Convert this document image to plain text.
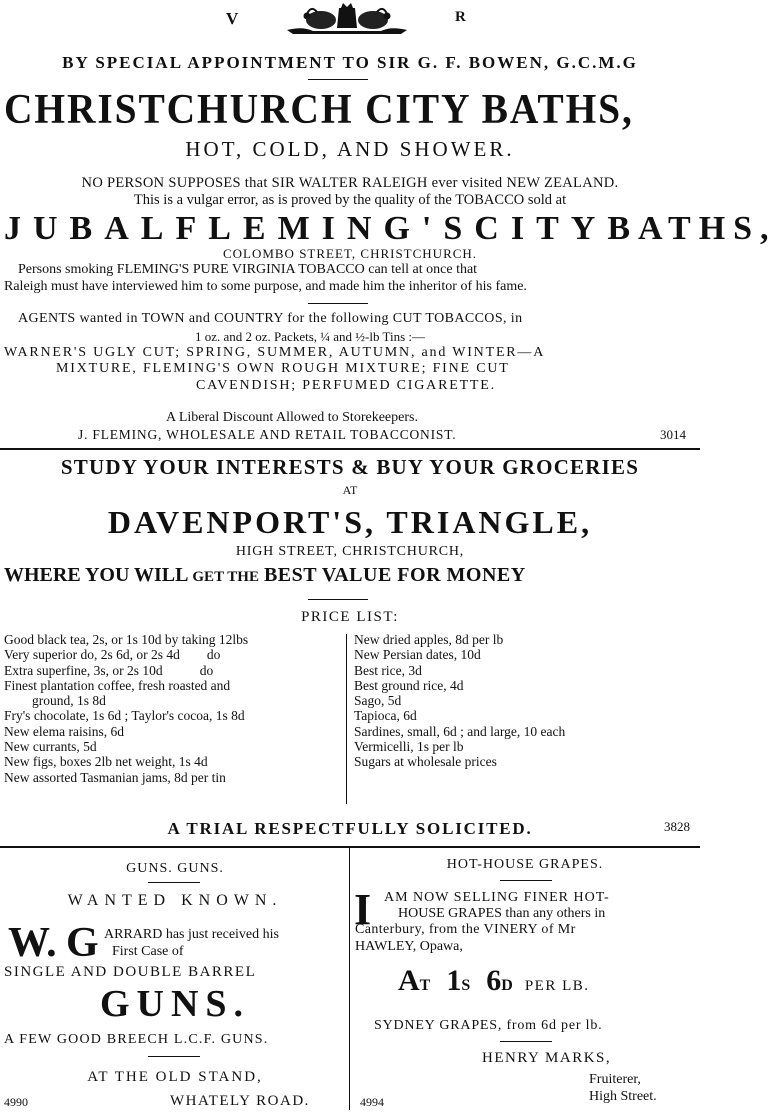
V	R
BY SPECIAL APPOINTMENT TO SIR G. F. BOWEN, G.C.M.G
CHRISTCHURCH CITY BATHS,
HOT, COLD, AND SHOWER.
NO PERSON SUPPOSES that SIR WALTER RALEIGH ever visited NEW ZEALAND.
This is a vulgar error, as is proved by the quality of the TOBACCO sold at
JUBAL FLEMING'S CITY BATHS,
COLOMBO STREET, CHRISTCHURCH.
Persons smoking FLEMING'S PURE VIRGINIA TOBACCO can tell at once that
Raleigh must have interviewed him to some purpose, and made him the inheritor of his fame.
AGENTS wanted in TOWN and COUNTRY for the following CUT TOBACCOS, in
1 oz. and 2 oz. Packets, ¼ and ½-lb Tins :—
WARNER'S UGLY CUT; SPRING, SUMMER, AUTUMN, and WINTER—A
MIXTURE, FLEMING'S OWN ROUGH MIXTURE; FINE CUT
CAVENDISH; PERFUMED CIGARETTE.
A Liberal Discount Allowed to Storekeepers.
J. FLEMING, WHOLESALE AND RETAIL TOBACCONIST.	3014
STUDY YOUR INTERESTS & BUY YOUR GROCERIES
AT
DAVENPORT'S, TRIANGLE,
HIGH STREET, CHRISTCHURCH,
WHERE YOU WILL GET THE BEST VALUE FOR MONEY
PRICE LIST:
Good black tea, 2s, or 1s 10d by taking 12lbs
Very superior do, 2s 6d, or 2s 4d        do
Extra superfine, 3s, or 2s 10d           do
Finest plantation coffee, fresh roasted and
ground, 1s 8d
Fry's chocolate, 1s 6d ; Taylor's cocoa, 1s 8d
New elema raisins, 6d
New currants, 5d
New figs, boxes 2lb net weight, 1s 4d
New assorted Tasmanian jams, 8d per tin
New dried apples, 8d per lb
New Persian dates, 10d
Best rice, 3d
Best ground rice, 4d
Sago, 5d
Tapioca, 6d
Sardines, small, 6d ; and large, 10 each
Vermicelli, 1s per lb
Sugars at wholesale prices
A TRIAL RESPECTFULLY SOLICITED.	3828
GUNS. GUNS.
WANTED KNOWN.
W. G ARRARD has just received his
First Case of
SINGLE AND DOUBLE BARREL
GUNS.
A FEW GOOD BREECH L.C.F. GUNS.
AT THE OLD STAND,
4990	WHATELY ROAD.
HOT-HOUSE GRAPES.
I AM NOW SELLING FINER HOT-
HOUSE GRAPES than any others in
Canterbury, from the VINERY of Mr
HAWLEY, Opawa,
AT 1S 6D PER LB.
SYDNEY GRAPES, from 6d per lb.
HENRY MARKS,
Fruiterer,
High Street.
4994
